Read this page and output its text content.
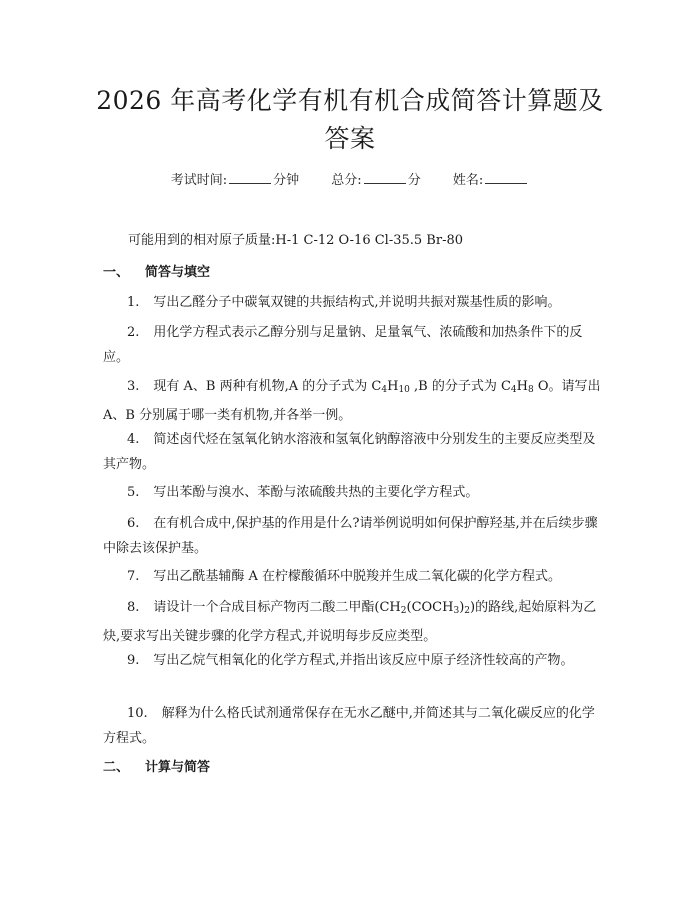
2026 年高考化学有机有机合成简答计算题及
答案
考试时间:	分钟 总分:	分 姓名:
可能用到的相对原子质量:H-1 C-12 O-16 Cl-35.5 Br-80
一、 简答与填空
1. 写出乙醛分子中碳氧双键的共振结构式,并说明共振对羰基性质的影响。
2. 用化学方程式表示乙醇分别与足量钠、足量氧气、浓硫酸和加热条件下的反应。
3. 现有 A、B 两种有机物,A 的分子式为 $C_4H_{10}$ ,B 的分子式为 $C_4H_8$ O。请写出 A、B 分别属于哪一类有机物,并各举一例。
4. 简述卤代烃在氢氧化钠水溶液和氢氧化钠醇溶液中分别发生的主要反应类型及其产物。
5. 写出苯酚与溴水、苯酚与浓硫酸共热的主要化学方程式。
6. 在有机合成中,保护基的作用是什么?请举例说明如何保护醇羟基,并在后续步骤中除去该保护基。
7. 写出乙酰基辅酶 A 在柠檬酸循环中脱羧并生成二氧化碳的化学方程式。
8. 请设计一个合成目标产物丙二酸二甲酯$(CH_2(COCH_3)_2)$的路线,起始原料为乙炔,要求写出关键步骤的化学方程式,并说明每步反应类型。
9. 写出乙烷气相氧化的化学方程式,并指出该反应中原子经济性较高的产物。
10. 解释为什么格氏试剂通常保存在无水乙醚中,并简述其与二氧化碳反应的化学方程式。
二、 计算与简答
